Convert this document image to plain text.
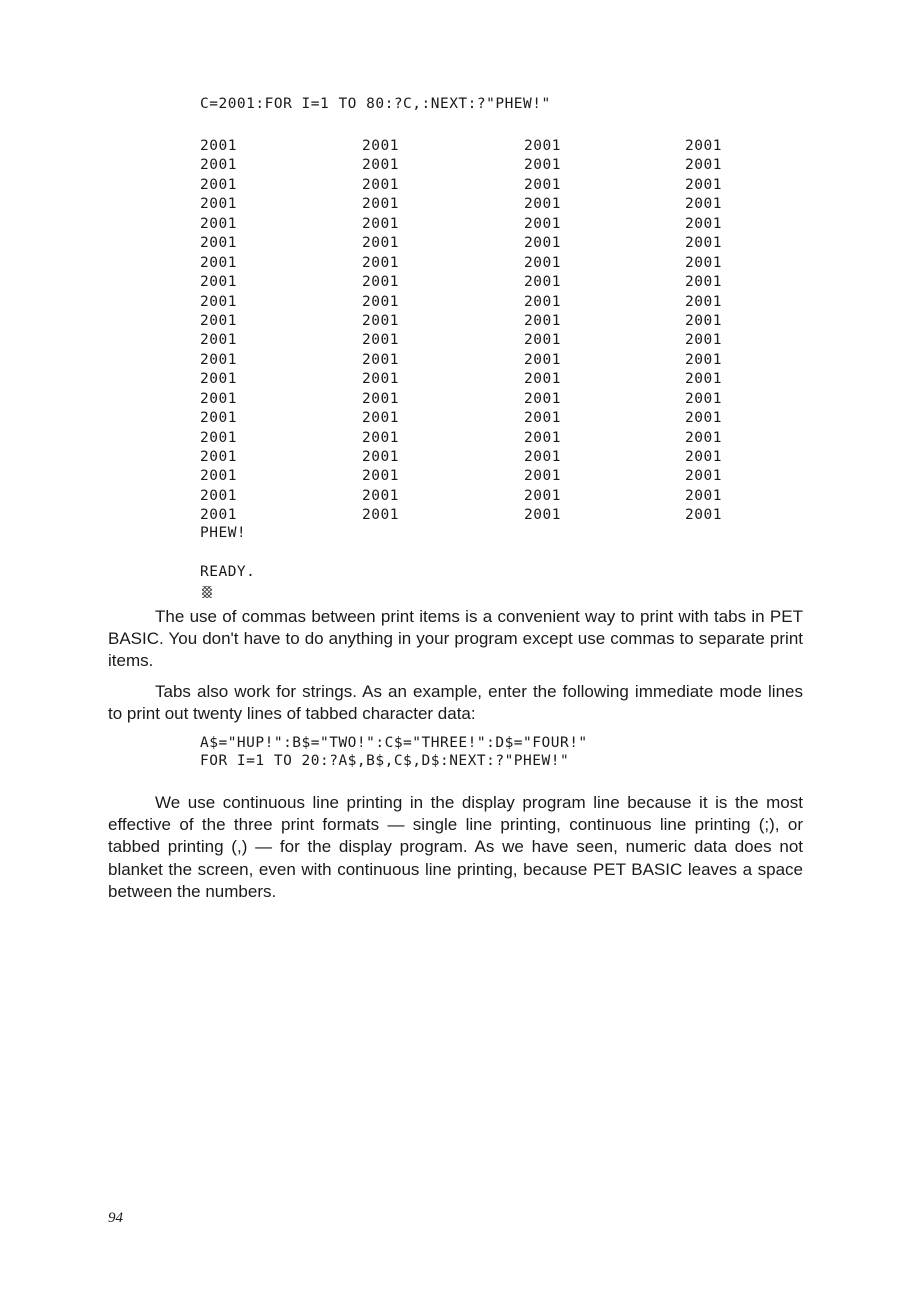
C=2001:FOR I=1 TO 80:?C,:NEXT:?"PHEW!"
2001	2001	2001	2001
2001	2001	2001	2001
2001	2001	2001	2001
2001	2001	2001	2001
2001	2001	2001	2001
2001	2001	2001	2001
2001	2001	2001	2001
2001	2001	2001	2001
2001	2001	2001	2001
2001	2001	2001	2001
2001	2001	2001	2001
2001	2001	2001	2001
2001	2001	2001	2001
2001	2001	2001	2001
2001	2001	2001	2001
2001	2001	2001	2001
2001	2001	2001	2001
2001	2001	2001	2001
2001	2001	2001	2001
2001	2001	2001	2001
PHEW!
READY.

The use of commas between print items is a convenient way to print with tabs in PET BASIC. You don't have to do anything in your program except use commas to separate print items.

Tabs also work for strings. As an example, enter the following immediate mode lines to print out twenty lines of tabbed character data:

A$="HUP!":B$="TWO!":C$="THREE!":D$="FOUR!"
FOR I=1 TO 20:?A$,B$,C$,D$:NEXT:?"PHEW!"

We use continuous line printing in the display program line because it is the most effective of the three print formats — single line printing, continuous line printing (;), or tabbed printing (,) — for the display program. As we have seen, numeric data does not blanket the screen, even with continuous line printing, because PET BASIC leaves a space between the numbers.

94
